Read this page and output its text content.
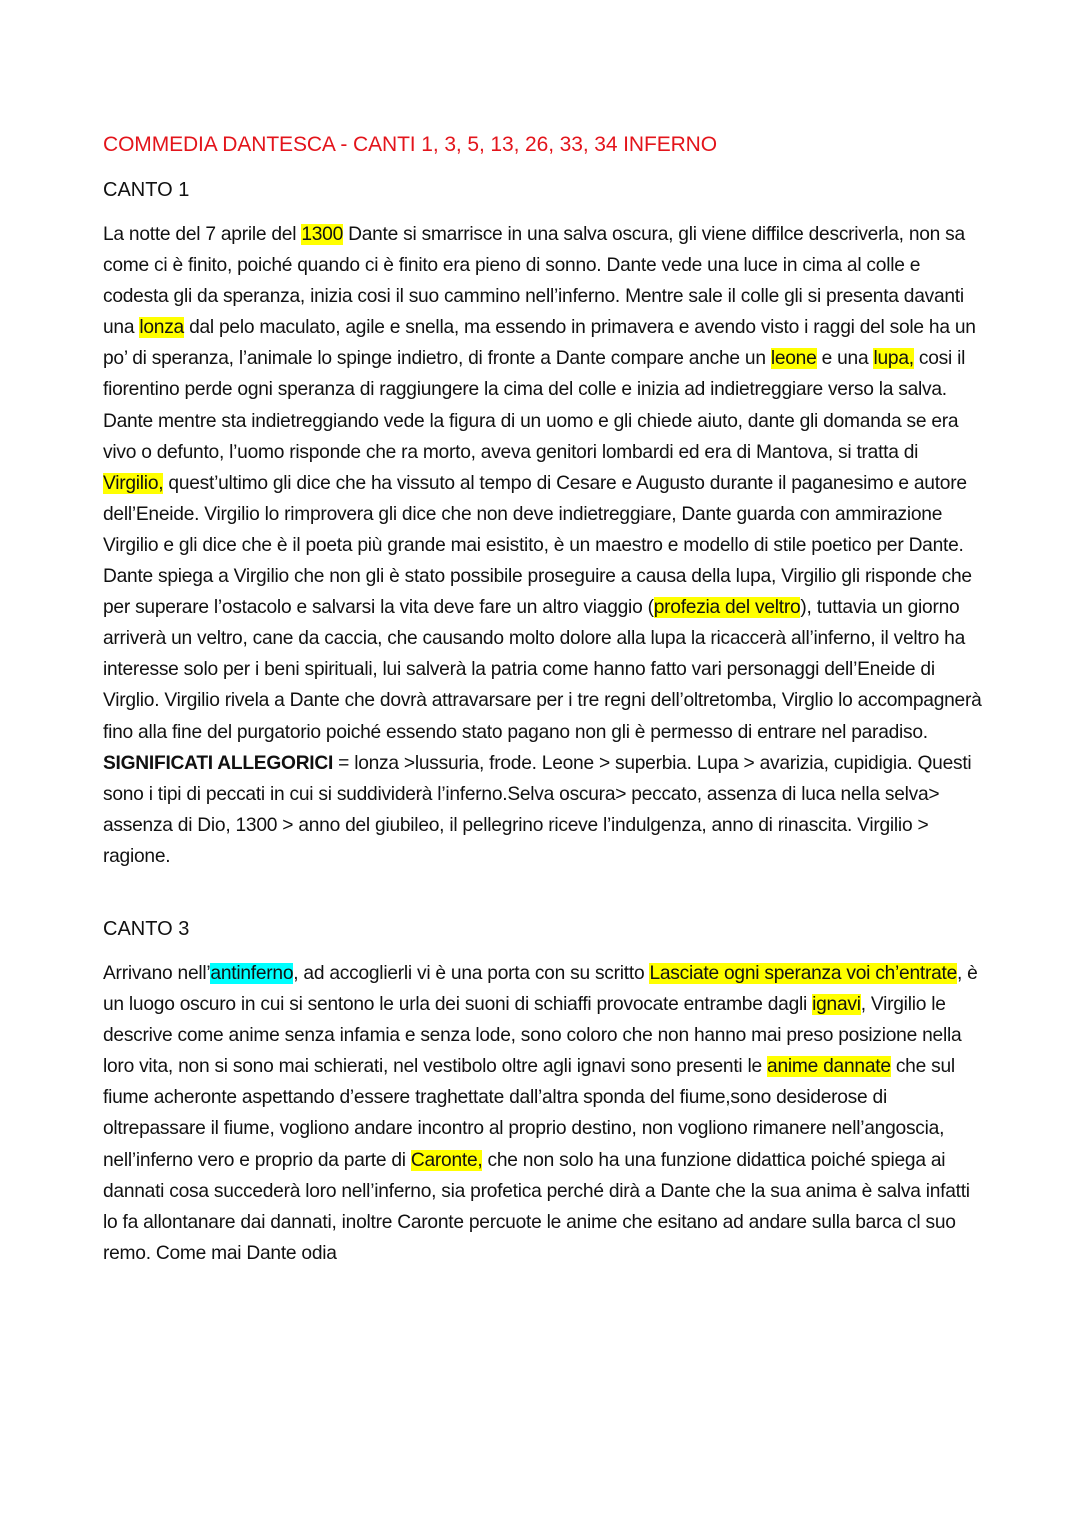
COMMEDIA DANTESCA - CANTI 1, 3, 5, 13, 26, 33, 34 INFERNO
CANTO 1

La notte del 7 aprile del 1300 Dante si smarrisce in una salva oscura, gli viene diffilce descriverla, non sa come ci è finito, poiché quando ci è finito era pieno di sonno. Dante vede una luce in cima al colle e codesta gli da speranza, inizia cosi il suo cammino nell’inferno. Mentre sale il colle gli si presenta davanti una lonza dal pelo maculato, agile e snella, ma essendo in primavera e avendo visto i raggi del sole ha un po’ di speranza, l’animale lo spinge indietro, di fronte a Dante compare anche un leone e una lupa, cosi il fiorentino perde ogni speranza di raggiungere la cima del colle e inizia ad indietreggiare verso la salva. Dante mentre sta indietreggiando vede la figura di un uomo e gli chiede aiuto, dante gli domanda se era vivo o defunto, l’uomo risponde che ra morto, aveva genitori lombardi ed era di Mantova, si tratta di Virgilio, quest’ultimo gli dice che ha vissuto al tempo di Cesare e Augusto durante il paganesimo e autore dell’Eneide. Virgilio lo rimprovera gli dice che non deve indietreggiare, Dante guarda con ammirazione Virgilio e gli dice che è il poeta più grande mai esistito, è un maestro e modello di stile poetico per Dante. Dante spiega a Virgilio che non gli è stato possibile proseguire a causa della lupa, Virgilio gli risponde che per superare l’ostacolo e salvarsi la vita deve fare un altro viaggio (profezia del veltro), tuttavia un giorno arriverà un veltro, cane da caccia, che causando molto dolore alla lupa la ricaccerà all’inferno, il veltro ha interesse solo per i beni spirituali, lui salverà la patria come hanno fatto vari personaggi dell’Eneide di Virglio. Virgilio rivela a Dante che dovrà attravarsare per i tre regni dell’oltretomba, Virglio lo accompagnerà fino alla fine del purgatorio poiché essendo stato pagano non gli è permesso di entrare nel paradiso. SIGNIFICATI ALLEGORICI = lonza >lussuria, frode. Leone > superbia. Lupa > avarizia, cupidigia. Questi sono i tipi di peccati in cui si suddividerà l’inferno.Selva oscura> peccato, assenza di luca nella selva> assenza di Dio, 1300 > anno del giubileo, il pellegrino riceve l’indulgenza, anno di rinascita. Virgilio > ragione.

CANTO 3

Arrivano nell’antinferno, ad accoglierli vi è una porta con su scritto Lasciate ogni speranza voi ch’entrate, è un luogo oscuro in cui si sentono le urla dei suoni di schiaffi provocate entrambe dagli ignavi, Virgilio le descrive come anime senza infamia e senza lode, sono coloro che non hanno mai preso posizione nella loro vita, non si sono mai schierati, nel vestibolo oltre agli ignavi sono presenti le anime dannate che sul fiume acheronte aspettando d’essere traghettate dall’altra sponda del fiume,sono desiderose di oltrepassare il fiume, vogliono andare incontro al proprio destino, non vogliono rimanere nell’angoscia, nell’inferno vero e proprio da parte di Caronte, che non solo ha una funzione didattica poiché spiega ai dannati cosa succederà loro nell’inferno, sia profetica perché dirà a Dante che la sua anima è salva infatti lo fa allontanare dai dannati, inoltre Caronte percuote le anime che esitano ad andare sulla barca cl suo remo. Come mai Dante odia
